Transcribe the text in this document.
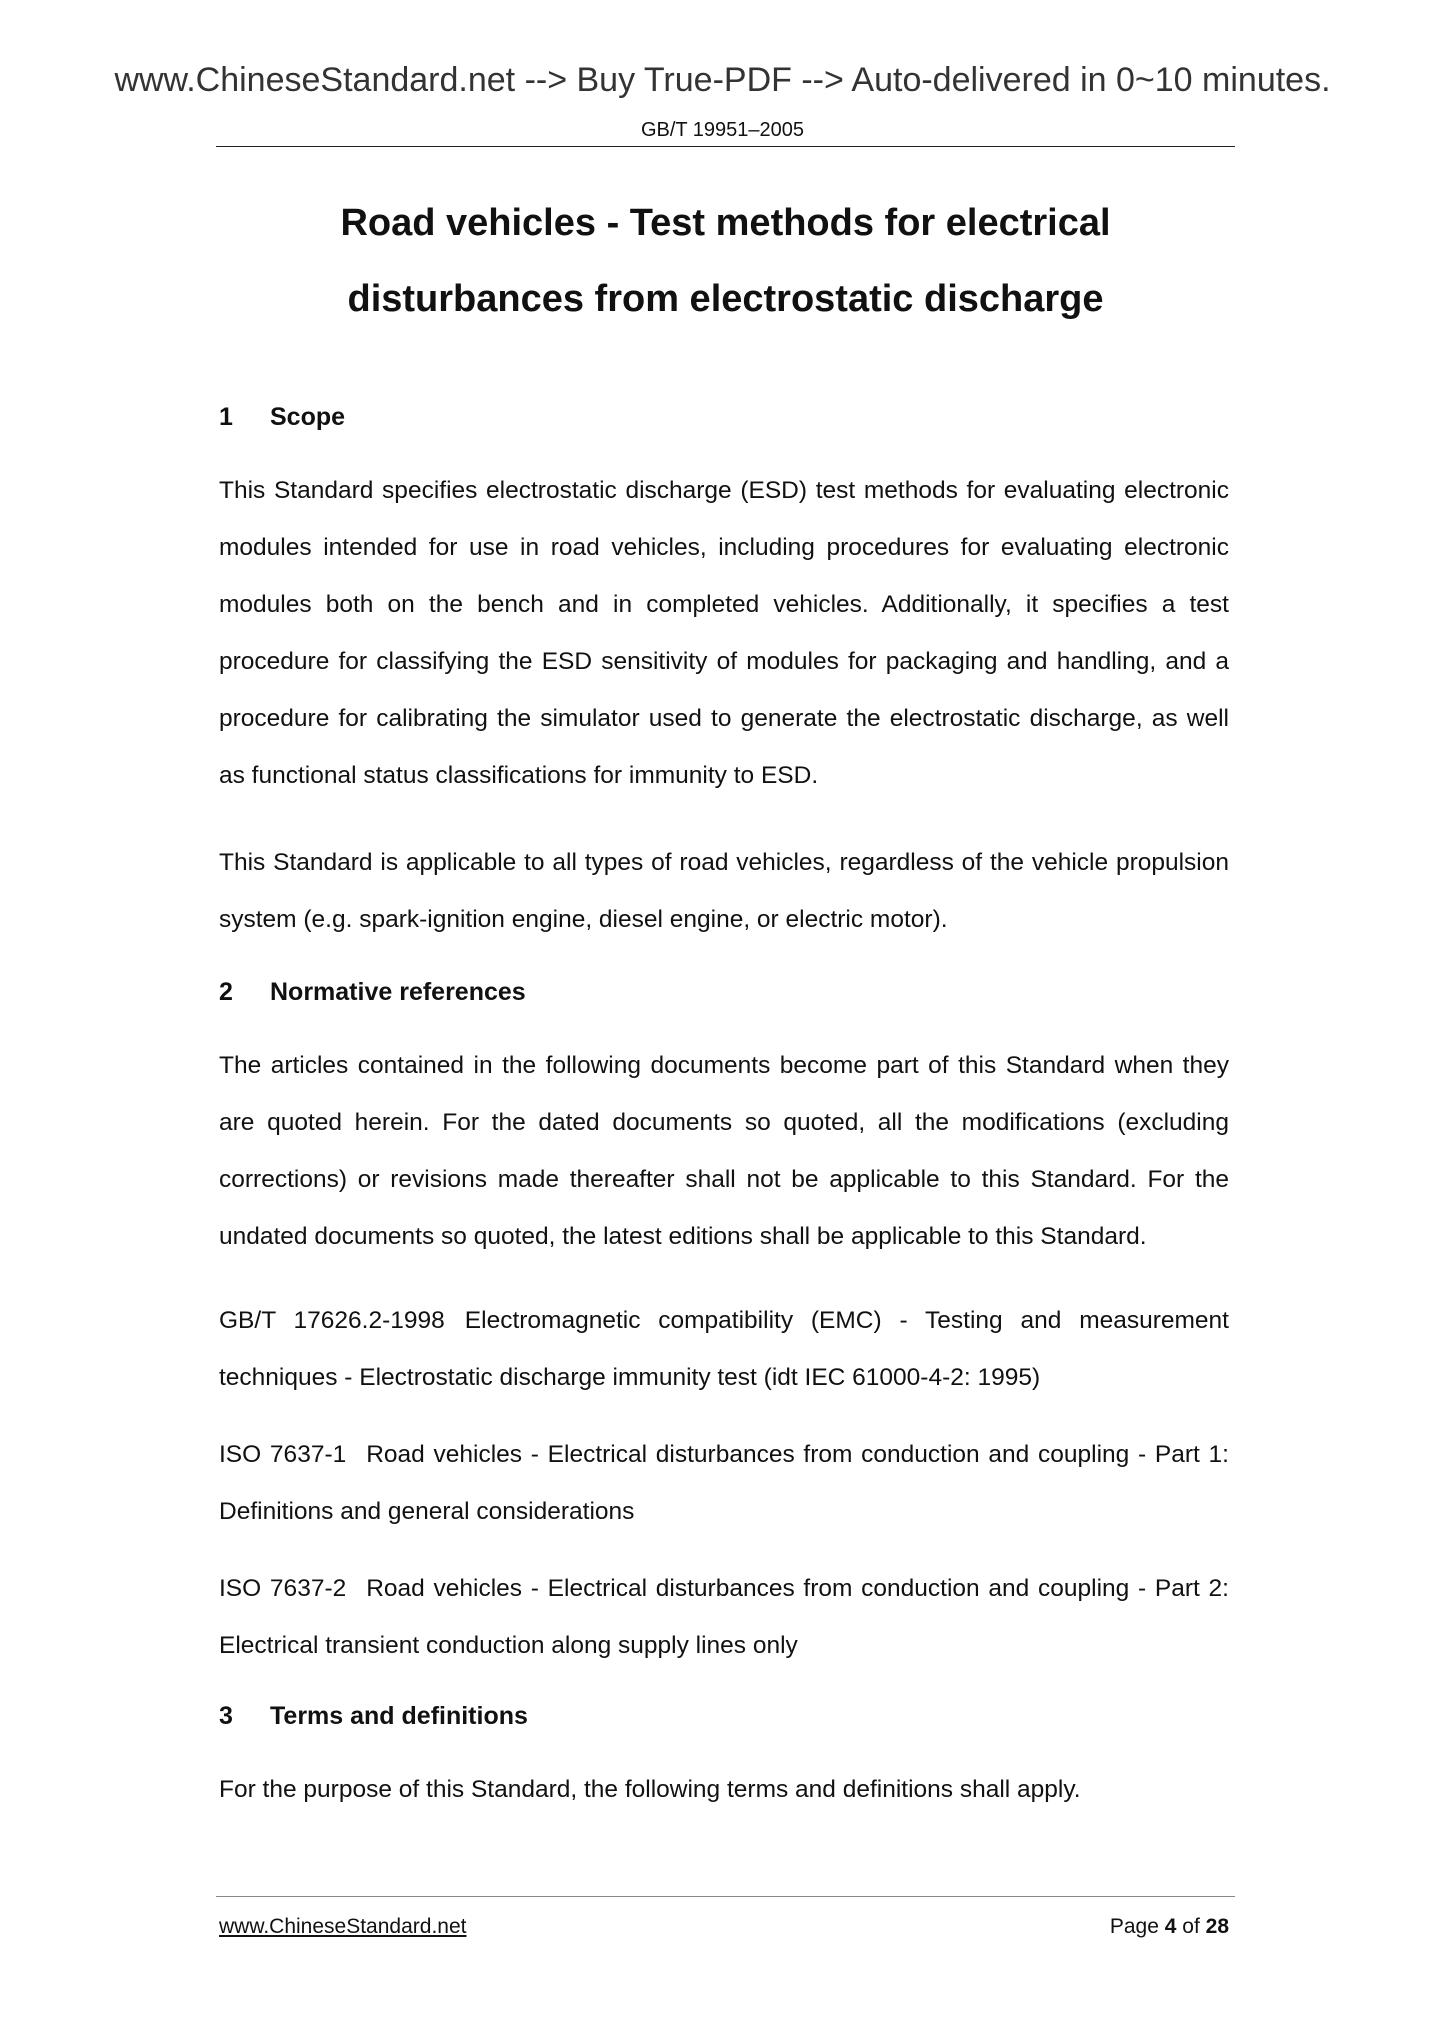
www.ChineseStandard.net --> Buy True-PDF --> Auto-delivered in 0~10 minutes.
GB/T 19951–2005
Road vehicles - Test methods for electrical
disturbances from electrostatic discharge
1 Scope

This Standard specifies electrostatic discharge (ESD) test methods for evaluating electronic modules intended for use in road vehicles, including procedures for evaluating electronic modules both on the bench and in completed vehicles. Additionally, it specifies a test procedure for classifying the ESD sensitivity of modules for packaging and handling, and a procedure for calibrating the simulator used to generate the electrostatic discharge, as well as functional status classifications for immunity to ESD.

This Standard is applicable to all types of road vehicles, regardless of the vehicle propulsion system (e.g. spark-ignition engine, diesel engine, or electric motor).

2 Normative references

The articles contained in the following documents become part of this Standard when they are quoted herein. For the dated documents so quoted, all the modifications (excluding corrections) or revisions made thereafter shall not be applicable to this Standard. For the undated documents so quoted, the latest editions shall be applicable to this Standard.

GB/T 17626.2-1998 Electromagnetic compatibility (EMC) - Testing and measurement techniques - Electrostatic discharge immunity test (idt IEC 61000-4-2: 1995)

ISO 7637-1 Road vehicles - Electrical disturbances from conduction and coupling - Part 1: Definitions and general considerations

ISO 7637-2 Road vehicles - Electrical disturbances from conduction and coupling - Part 2: Electrical transient conduction along supply lines only

3 Terms and definitions

For the purpose of this Standard, the following terms and definitions shall apply.

www.ChineseStandard.net	Page 4 of 28
